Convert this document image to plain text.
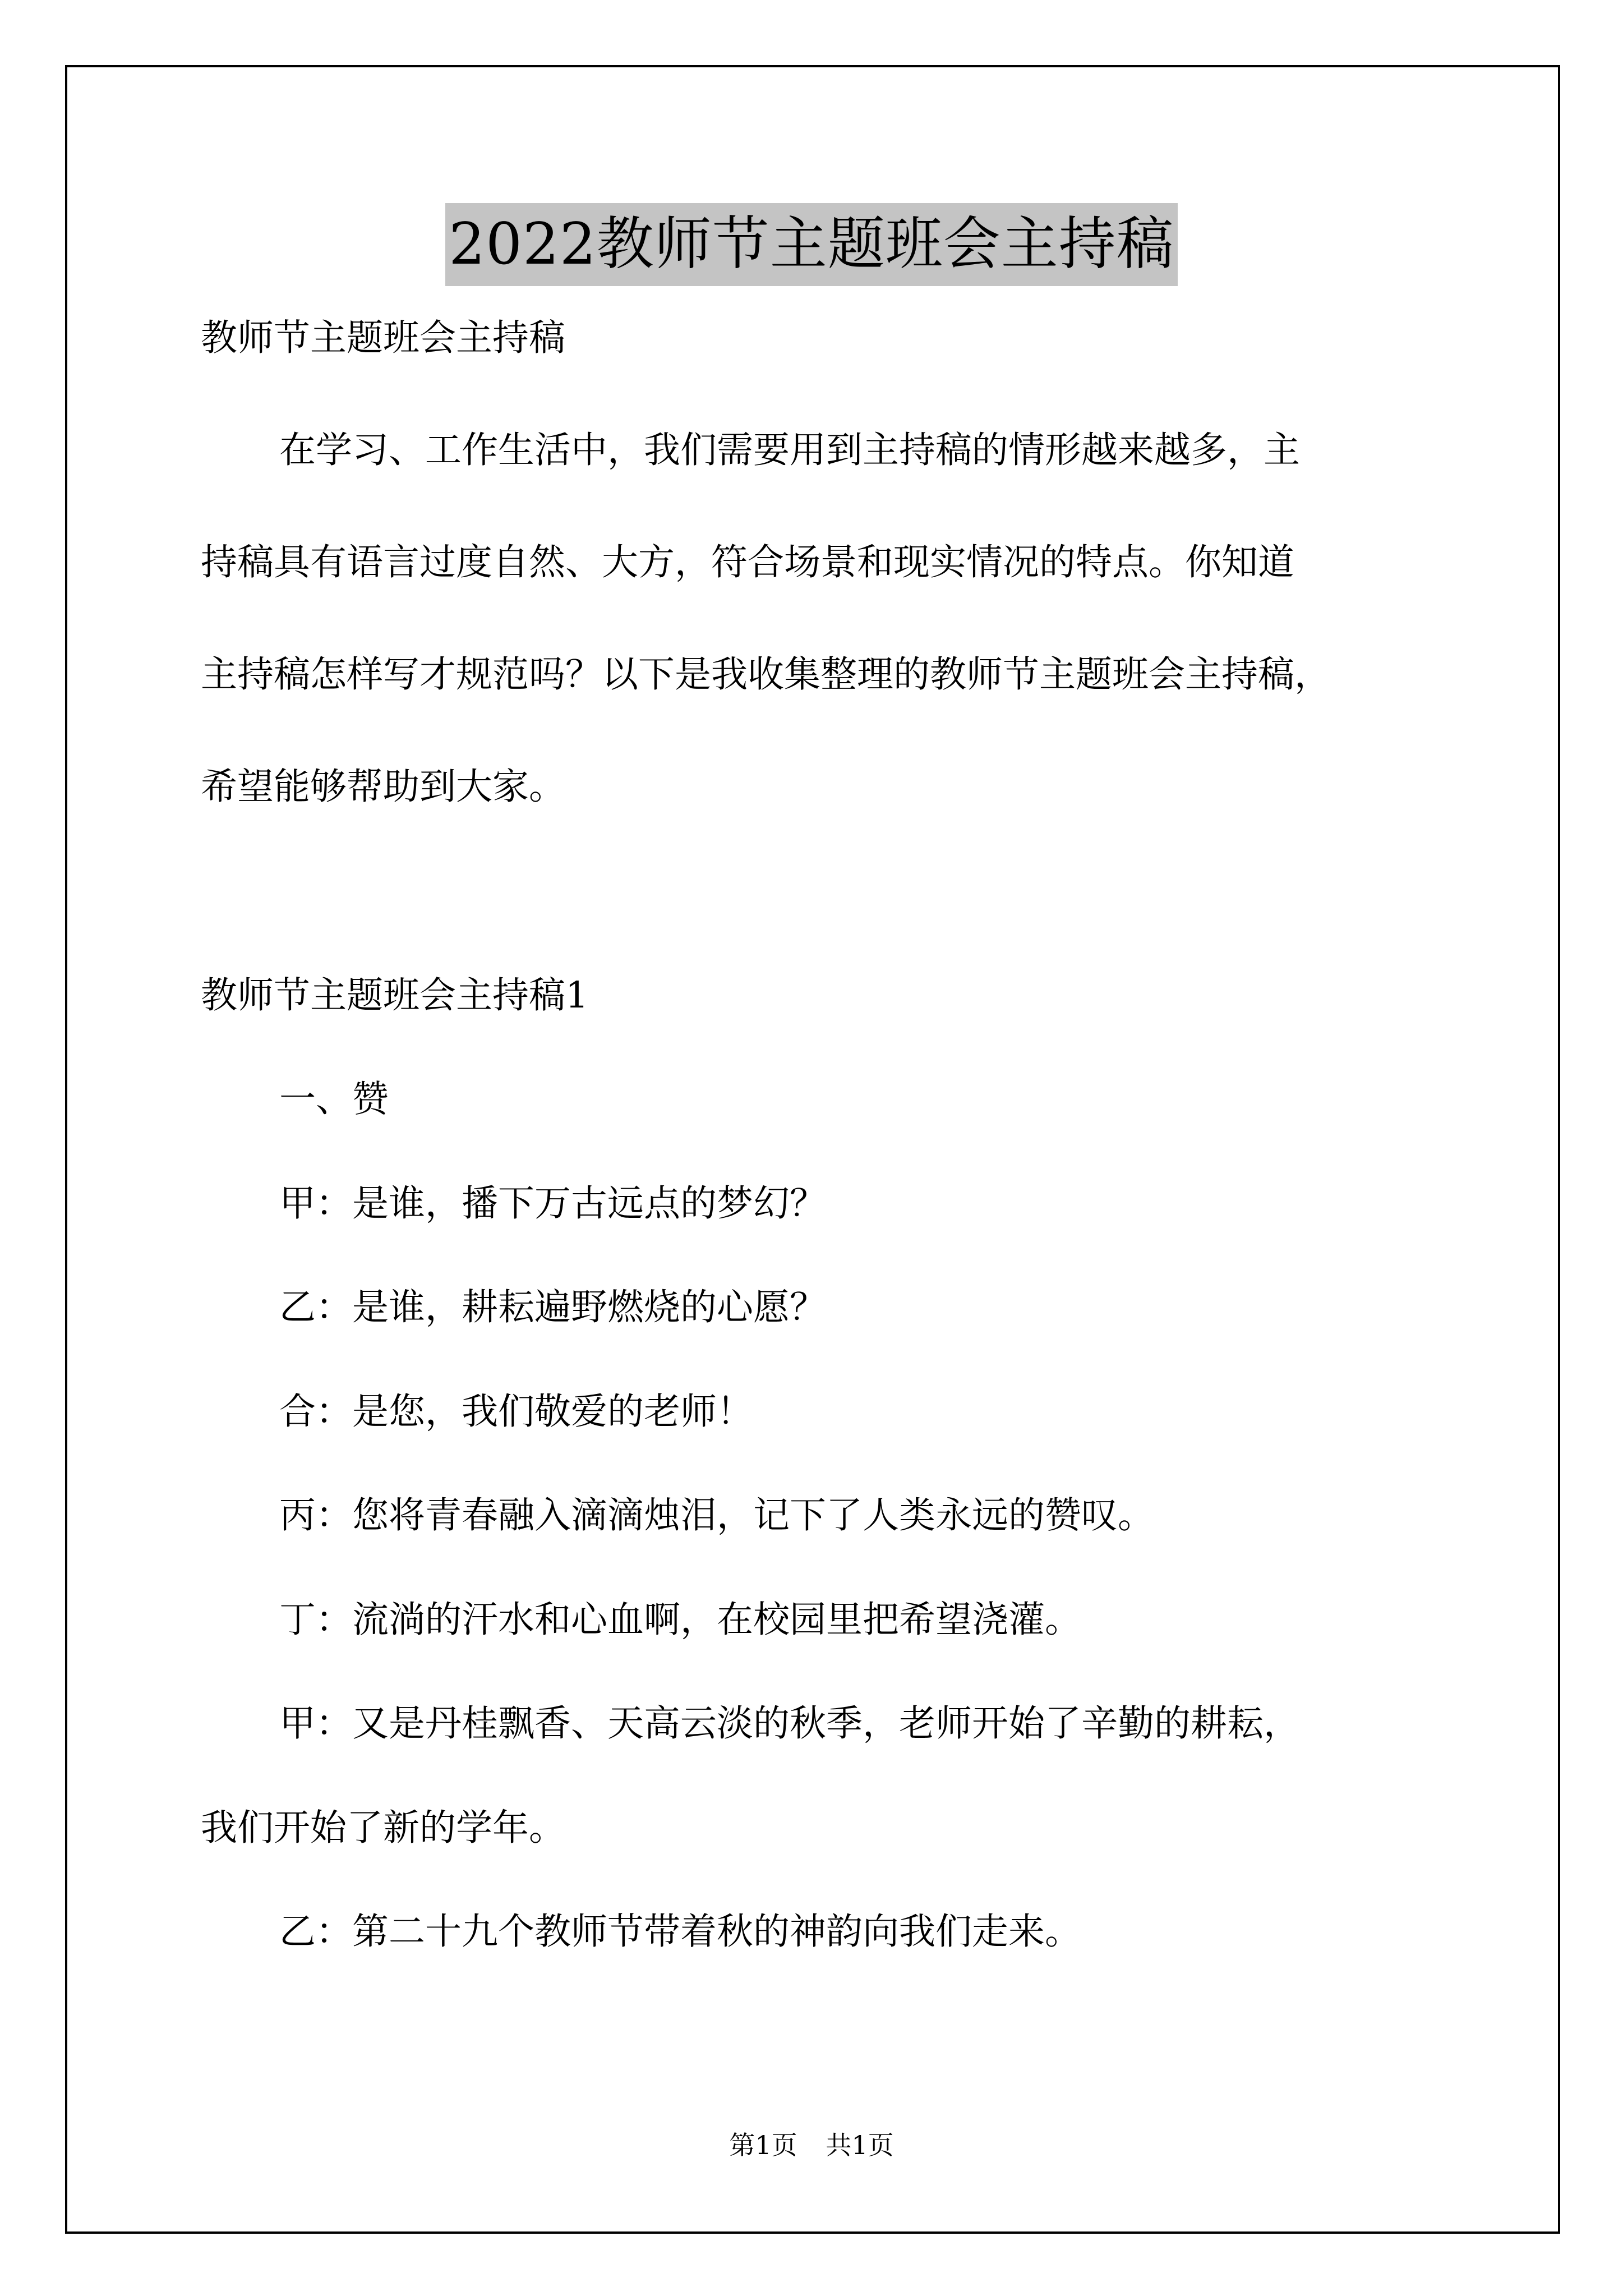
2022教师节主题班会主持稿
教师节主题班会主持稿
在学习、工作生活中，我们需要用到主持稿的情形越来越多，主
持稿具有语言过度自然、大方，符合场景和现实情况的特点。你知道
主持稿怎样写才规范吗？以下是我收集整理的教师节主题班会主持稿，
希望能够帮助到大家。
教师节主题班会主持稿1
一、赞
甲：是谁，播下万古远点的梦幻？
乙：是谁，耕耘遍野燃烧的心愿？
合：是您，我们敬爱的老师！
丙：您将青春融入滴滴烛泪，记下了人类永远的赞叹。
丁：流淌的汗水和心血啊，在校园里把希望浇灌。
甲：又是丹桂飘香、天高云淡的秋季，老师开始了辛勤的耕耘，
我们开始了新的学年。
乙：第二十九个教师节带着秋的神韵向我们走来。
第1页 共1页
